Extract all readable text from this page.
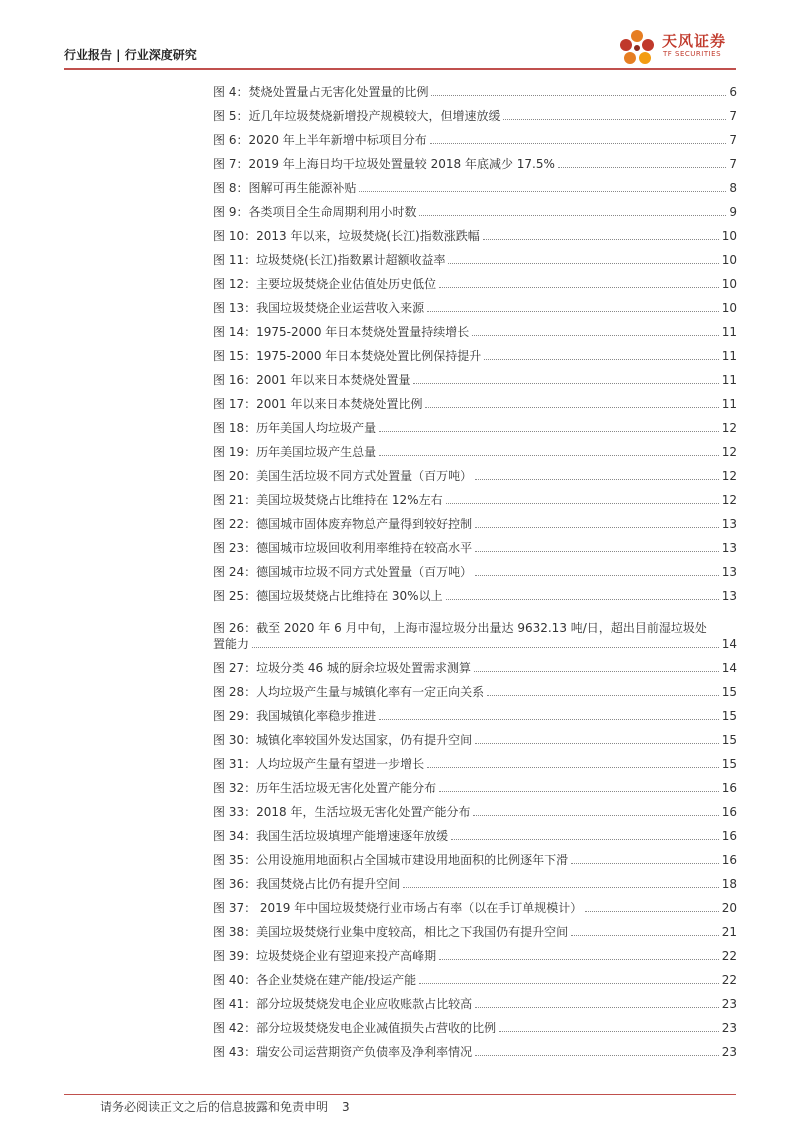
行业报告 | 行业深度研究
天风证券
TF SECURITIES
图 4：焚烧处置量占无害化处置量的比例	6
图 5：近几年垃圾焚烧新增投产规模较大，但增速放缓	7
图 6：2020 年上半年新增中标项目分布	7
图 7：2019 年上海日均干垃圾处置量较 2018 年底减少 17.5%	7
图 8：图解可再生能源补贴	8
图 9：各类项目全生命周期利用小时数	9
图 10：2013 年以来，垃圾焚烧(长江)指数涨跌幅	10
图 11：垃圾焚烧(长江)指数累计超额收益率	10
图 12：主要垃圾焚烧企业估值处历史低位	10
图 13：我国垃圾焚烧企业运营收入来源	10
图 14：1975-2000 年日本焚烧处置量持续增长	11
图 15：1975-2000 年日本焚烧处置比例保持提升	11
图 16：2001 年以来日本焚烧处置量	11
图 17：2001 年以来日本焚烧处置比例	11
图 18：历年美国人均垃圾产量	12
图 19：历年美国垃圾产生总量	12
图 20：美国生活垃圾不同方式处置量（百万吨）	12
图 21：美国垃圾焚烧占比维持在 12%左右	12
图 22：德国城市固体废弃物总产量得到较好控制	13
图 23：德国城市垃圾回收利用率维持在较高水平	13
图 24：德国城市垃圾不同方式处置量（百万吨）	13
图 25：德国垃圾焚烧占比维持在 30%以上	13
图 26：截至 2020 年 6 月中旬，上海市湿垃圾分出量达 9632.13 吨/日，超出目前湿垃圾处
置能力	14
图 27：垃圾分类 46 城的厨余垃圾处置需求测算	14
图 28：人均垃圾产生量与城镇化率有一定正向关系	15
图 29：我国城镇化率稳步推进	15
图 30：城镇化率较国外发达国家，仍有提升空间	15
图 31：人均垃圾产生量有望进一步增长	15
图 32：历年生活垃圾无害化处置产能分布	16
图 33：2018 年，生活垃圾无害化处置产能分布	16
图 34：我国生活垃圾填埋产能增速逐年放缓	16
图 35：公用设施用地面积占全国城市建设用地面积的比例逐年下滑	16
图 36：我国焚烧占比仍有提升空间	18
图 37： 2019 年中国垃圾焚烧行业市场占有率（以在手订单规模计）	20
图 38：美国垃圾焚烧行业集中度较高，相比之下我国仍有提升空间	21
图 39：垃圾焚烧企业有望迎来投产高峰期	22
图 40：各企业焚烧在建产能/投运产能	22
图 41：部分垃圾焚烧发电企业应收账款占比较高	23
图 42：部分垃圾焚烧发电企业减值损失占营收的比例	23
图 43：瑞安公司运营期资产负债率及净利率情况	23
请务必阅读正文之后的信息披露和免责申明 3
